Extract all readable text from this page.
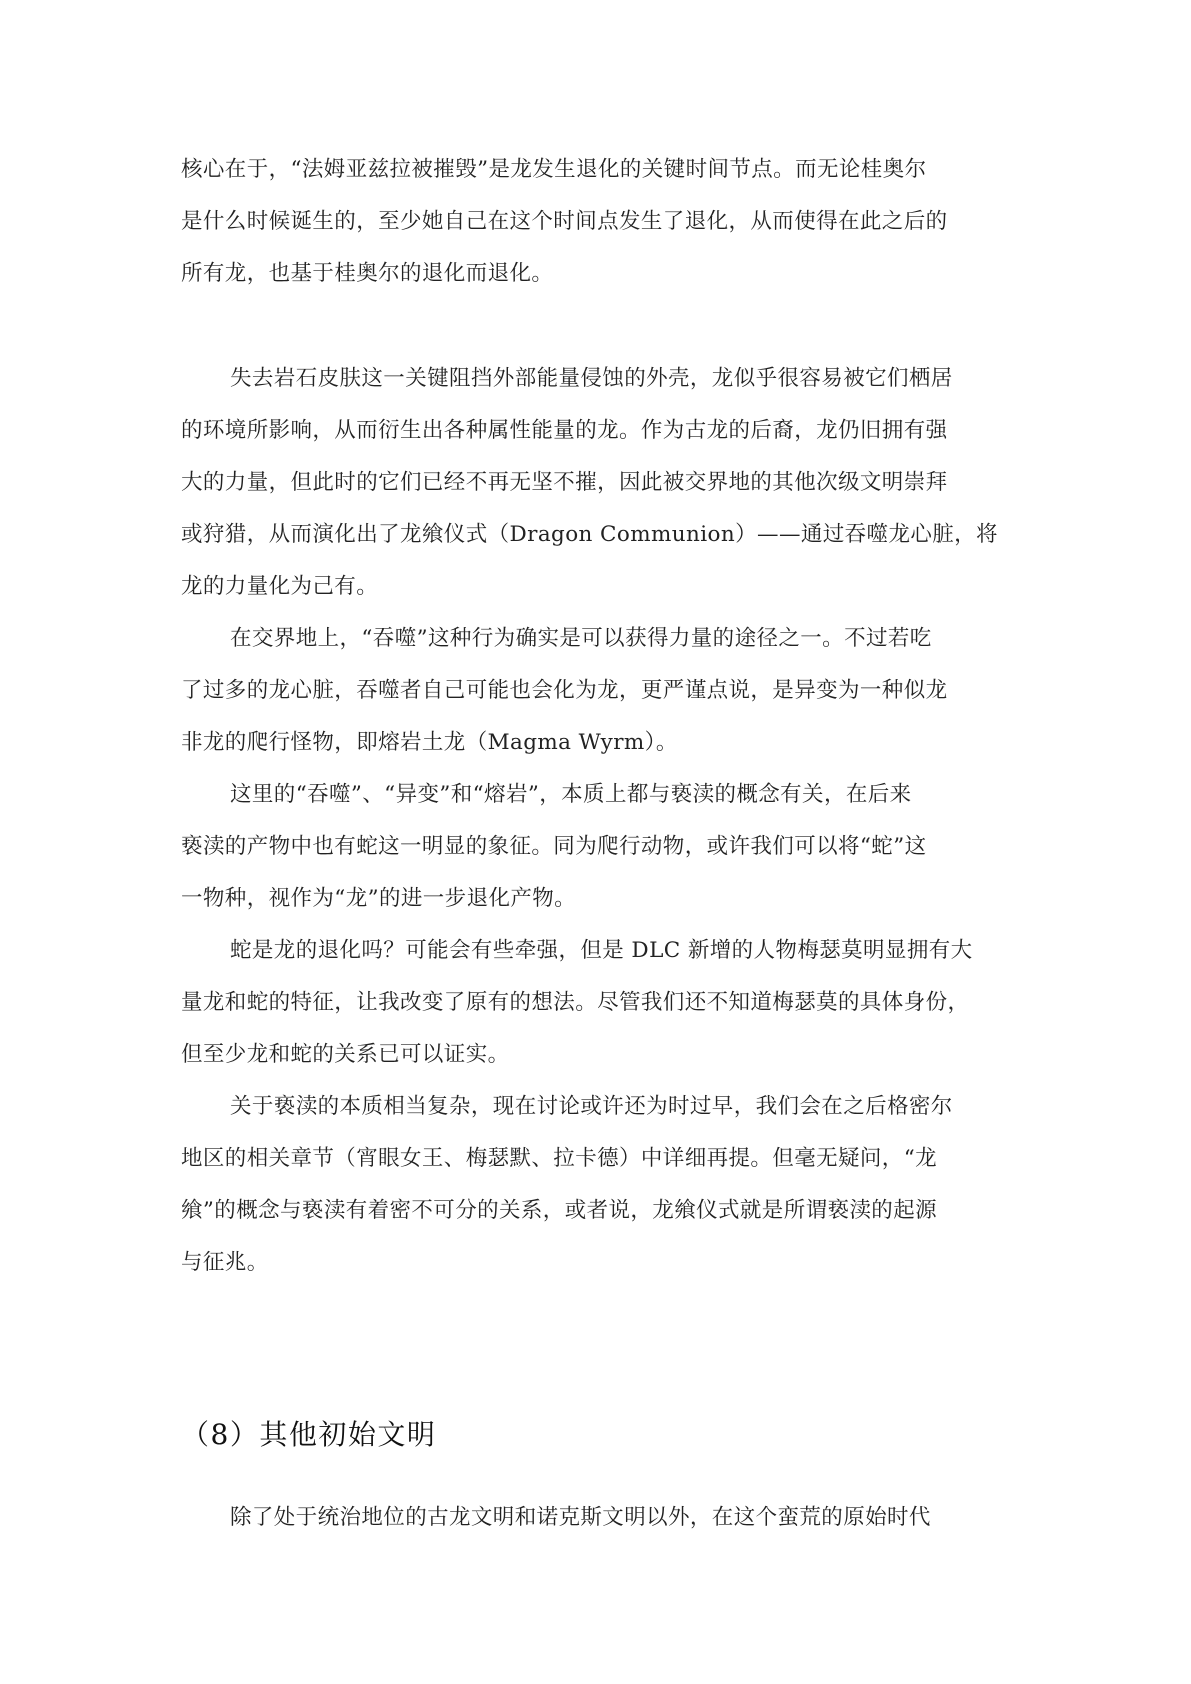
核心在于，“法姆亚兹拉被摧毁”是龙发生退化的关键时间节点。而无论桂奥尔
是什么时候诞生的，至少她自己在这个时间点发生了退化，从而使得在此之后的
所有龙，也基于桂奥尔的退化而退化。
失去岩石皮肤这一关键阻挡外部能量侵蚀的外壳，龙似乎很容易被它们栖居
的环境所影响，从而衍生出各种属性能量的龙。作为古龙的后裔，龙仍旧拥有强
大的力量，但此时的它们已经不再无坚不摧，因此被交界地的其他次级文明崇拜
或狩猎，从而演化出了龙飨仪式（Dragon Communion）——通过吞噬龙心脏，将
龙的力量化为己有。
在交界地上，“吞噬”这种行为确实是可以获得力量的途径之一。不过若吃
了过多的龙心脏，吞噬者自己可能也会化为龙，更严谨点说，是异变为一种似龙
非龙的爬行怪物，即熔岩土龙（Magma Wyrm）。
这里的“吞噬”、“异变”和“熔岩”，本质上都与亵渎的概念有关，在后来
亵渎的产物中也有蛇这一明显的象征。同为爬行动物，或许我们可以将“蛇”这
一物种，视作为“龙”的进一步退化产物。
蛇是龙的退化吗？可能会有些牵强，但是 DLC 新增的人物梅瑟莫明显拥有大
量龙和蛇的特征，让我改变了原有的想法。尽管我们还不知道梅瑟莫的具体身份，
但至少龙和蛇的关系已可以证实。
关于亵渎的本质相当复杂，现在讨论或许还为时过早，我们会在之后格密尔
地区的相关章节（宵眼女王、梅瑟默、拉卡德）中详细再提。但毫无疑问，“龙
飨”的概念与亵渎有着密不可分的关系，或者说，龙飨仪式就是所谓亵渎的起源
与征兆。
（8）其他初始文明
除了处于统治地位的古龙文明和诺克斯文明以外，在这个蛮荒的原始时代
